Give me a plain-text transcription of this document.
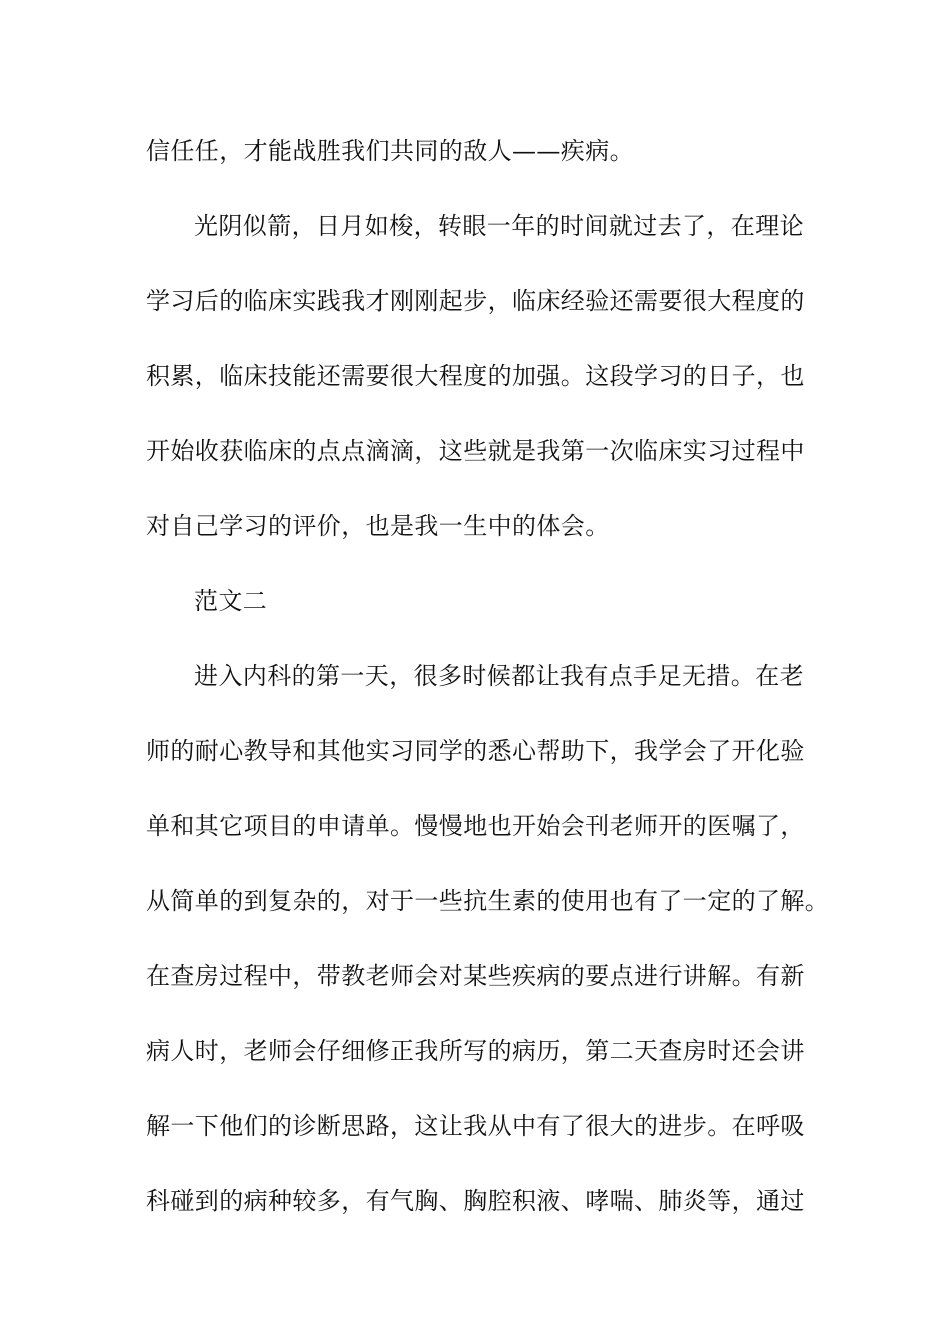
信任任，才能战胜我们共同的敌人——疾病。
光阴似箭，日月如梭，转眼一年的时间就过去了，在理论
学习后的临床实践我才刚刚起步，临床经验还需要很大程度的
积累，临床技能还需要很大程度的加强。这段学习的日子，也
开始收获临床的点点滴滴，这些就是我第一次临床实习过程中
对自己学习的评价，也是我一生中的体会。
范文二
进入内科的第一天，很多时候都让我有点手足无措。在老
师的耐心教导和其他实习同学的悉心帮助下，我学会了开化验
单和其它项目的申请单。慢慢地也开始会刊老师开的医嘱了，
从简单的到复杂的，对于一些抗生素的使用也有了一定的了解。
在查房过程中，带教老师会对某些疾病的要点进行讲解。有新
病人时，老师会仔细修正我所写的病历，第二天查房时还会讲
解一下他们的诊断思路，这让我从中有了很大的进步。在呼吸
科碰到的病种较多，有气胸、胸腔积液、哮喘、肺炎等，通过
